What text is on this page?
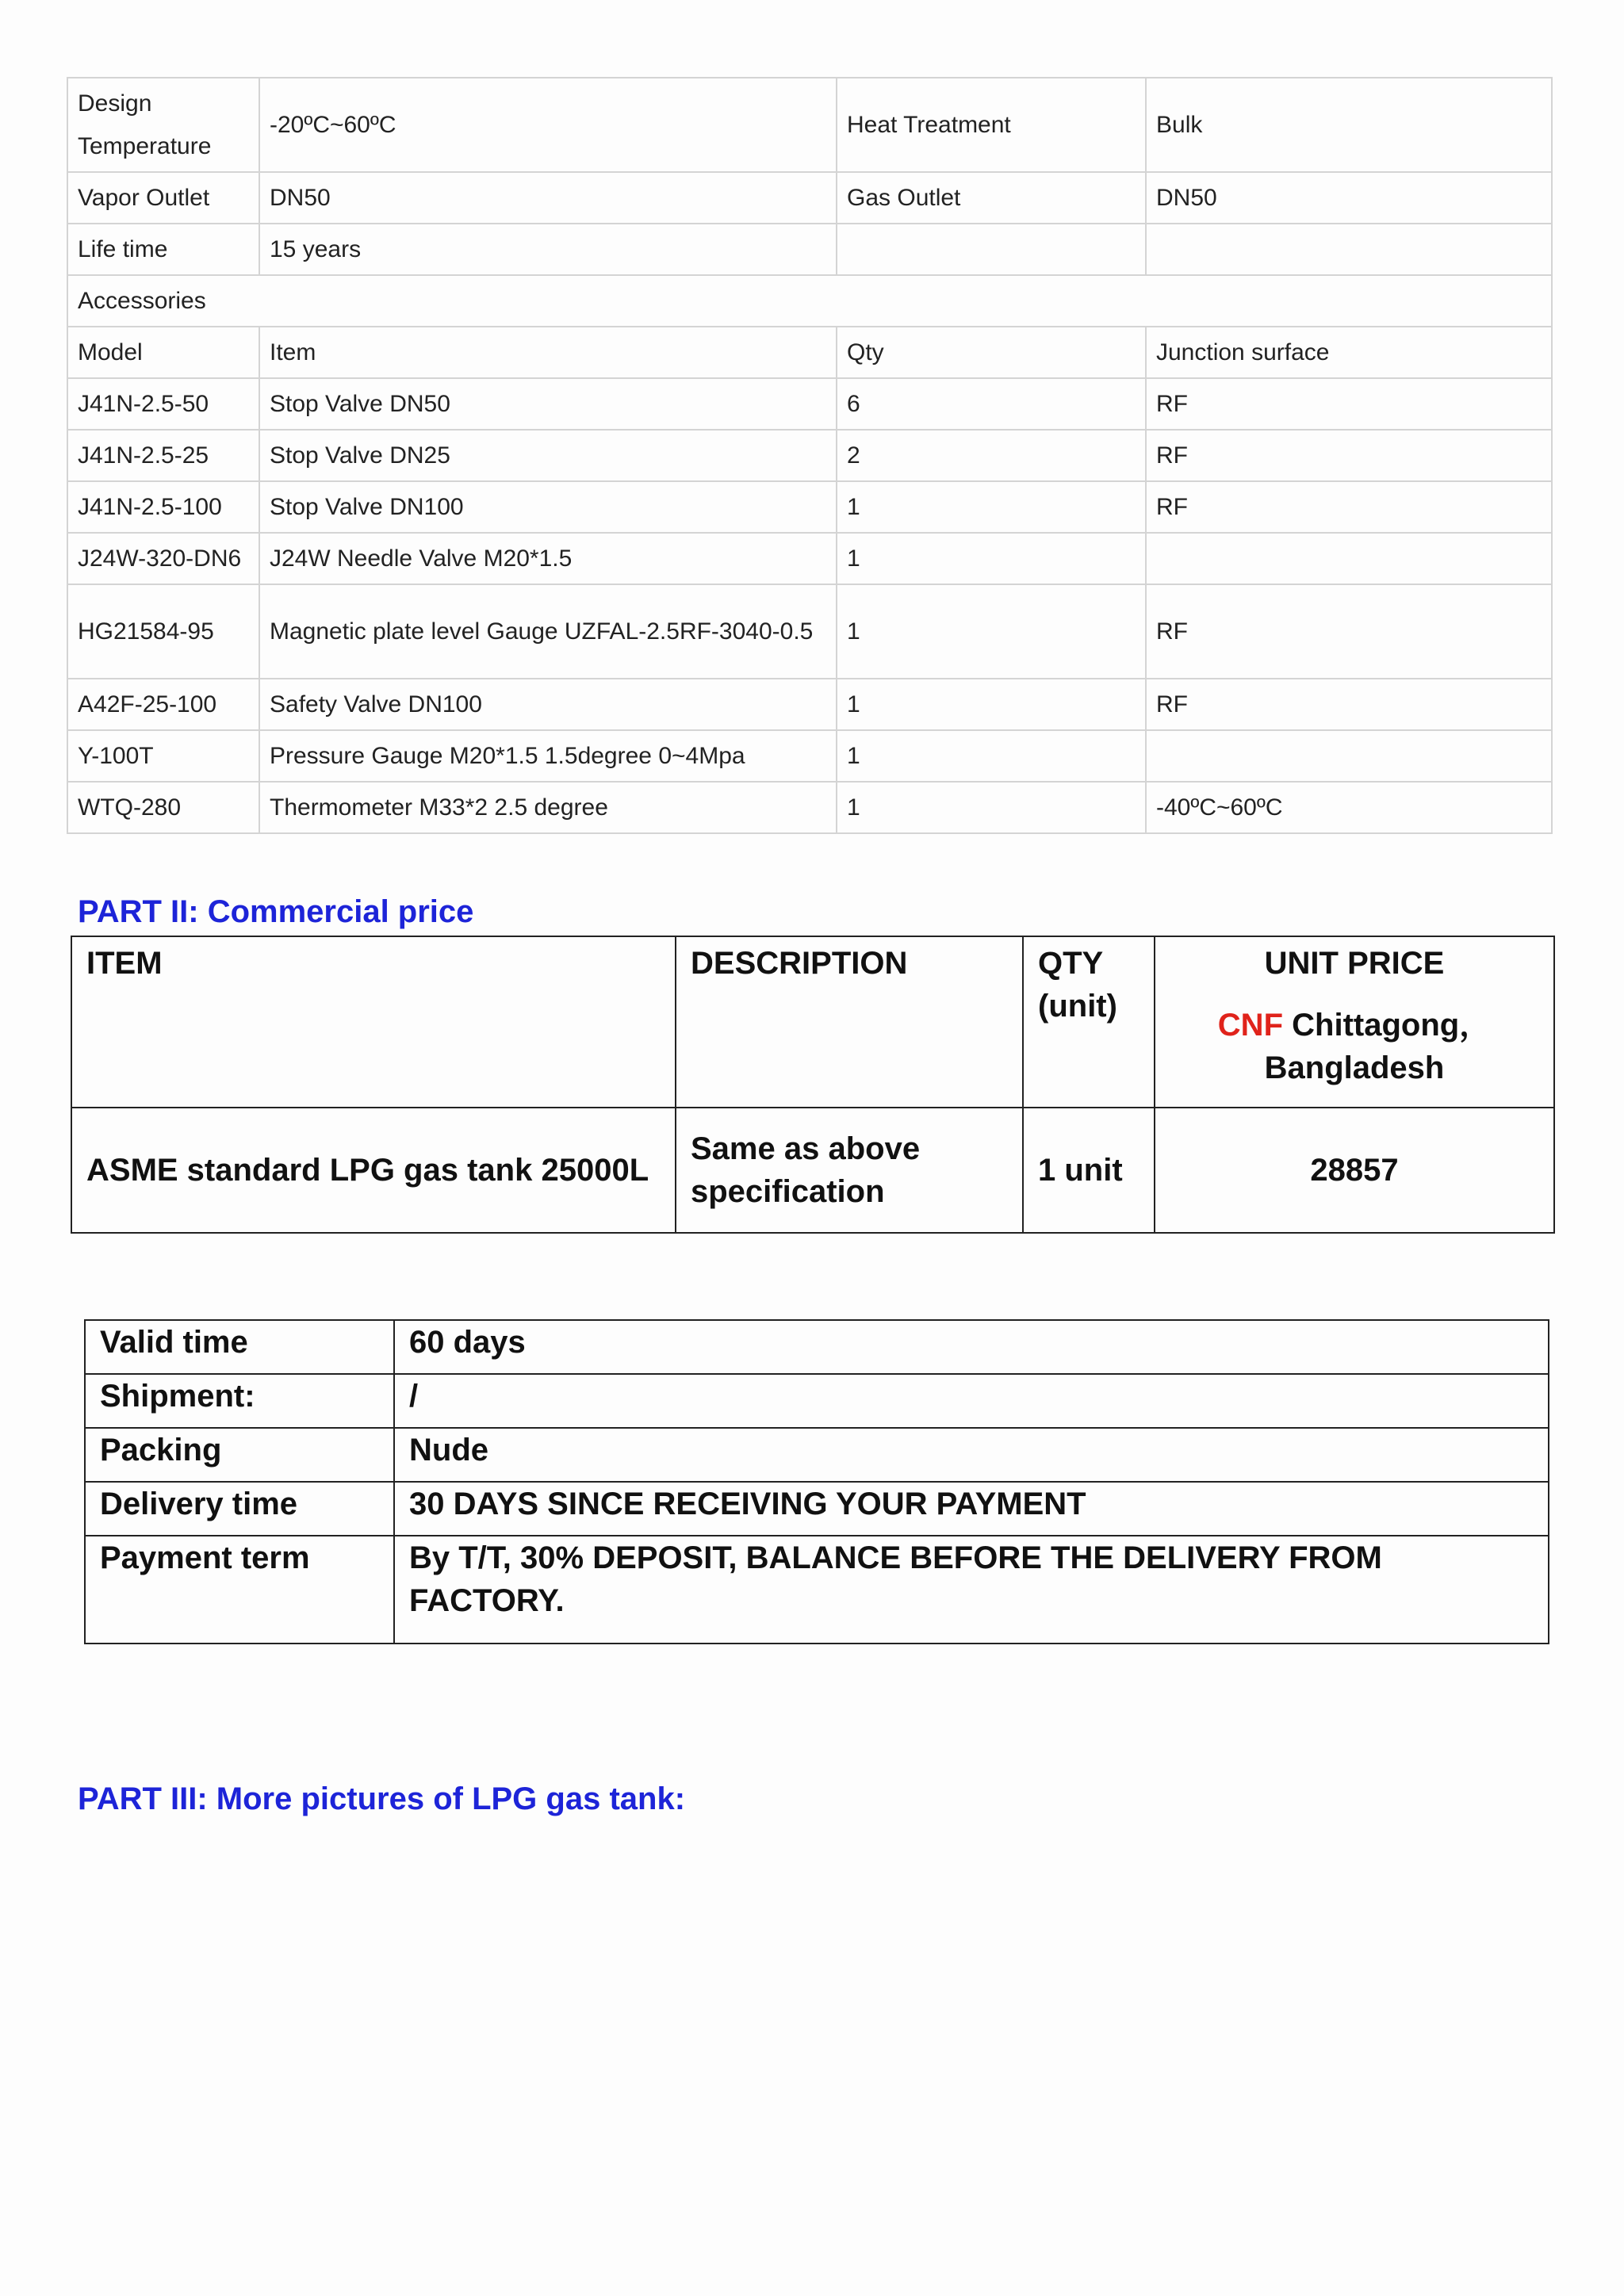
Design Temperature	-20ºC~60ºC	Heat Treatment	Bulk
Vapor Outlet	DN50	Gas Outlet	DN50
Life time	15 years		
Accessories			
Model	Item	Qty	Junction surface
J41N-2.5-50	Stop Valve DN50	6	RF
J41N-2.5-25	Stop Valve DN25	2	RF
J41N-2.5-100	Stop Valve DN100	1	RF
J24W-320-DN6	J24W Needle Valve M20*1.5	1	
HG21584-95	Magnetic plate level Gauge UZFAL-2.5RF-3040-0.5	1	RF
A42F-25-100	Safety Valve DN100	1	RF
Y-100T	Pressure Gauge M20*1.5 1.5degree 0~4Mpa	1	
WTQ-280	Thermometer M33*2 2.5 degree	1	-40ºC~60ºC
PART II: Commercial price
ITEM	DESCRIPTION	QTY (unit)	UNIT PRICE
CNF Chittagong，Bangladesh

ASME standard LPG gas tank 25000L	Same as above specification	1 unit	28857
Valid time	60 days
Shipment:	/
Packing	Nude
Delivery time	30 DAYS SINCE RECEIVING YOUR PAYMENT
Payment term	By T/T, 30% DEPOSIT, BALANCE BEFORE THE DELIVERY FROM FACTORY.
PART III: More pictures of LPG gas tank:
